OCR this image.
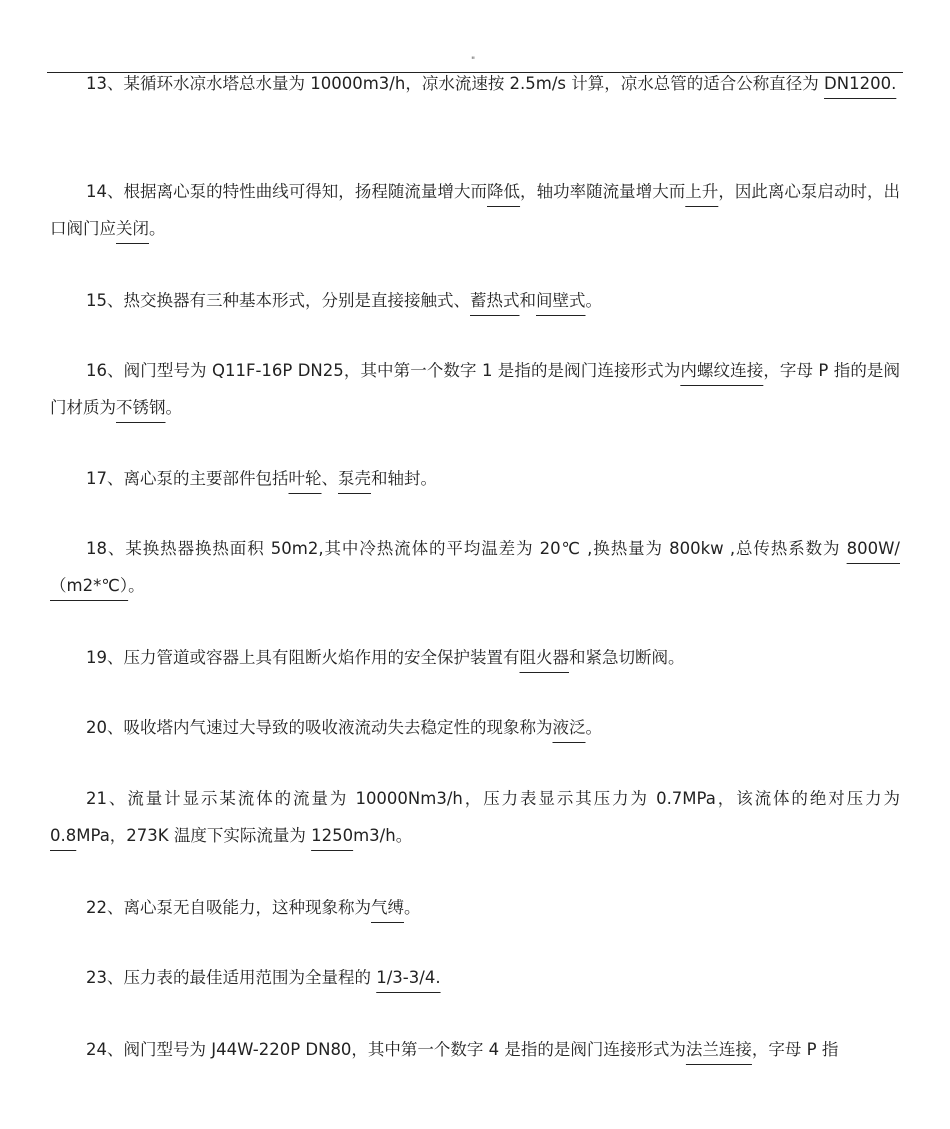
"
13、某循环水凉水塔总水量为 10000m3/h，凉水流速按 2.5m/s 计算，凉水总管的适合公称直径为 DN1200.
14、根据离心泵的特性曲线可得知，扬程随流量增大而降低，轴功率随流量增大而上升，因此离心泵启动时，出口阀门应关闭。
15、热交换器有三种基本形式，分别是直接接触式、蓄热式和间壁式。
16、阀门型号为 Q11F-16P DN25，其中第一个数字 1 是指的是阀门连接形式为内螺纹连接，字母 P 指的是阀门材质为不锈钢。
17、离心泵的主要部件包括叶轮、泵壳和轴封。
18、某换热器换热面积 50m2,其中冷热流体的平均温差为 20℃ ,换热量为 800kw ,总传热系数为 800W/（m2*℃）。
19、压力管道或容器上具有阻断火焰作用的安全保护装置有阻火器和紧急切断阀。
20、吸收塔内气速过大导致的吸收液流动失去稳定性的现象称为液泛。
21、流量计显示某流体的流量为 10000Nm3/h，压力表显示其压力为 0.7MPa，该流体的绝对压力为 0.8MPa，273K 温度下实际流量为 1250m3/h。
22、离心泵无自吸能力，这种现象称为气缚。
23、压力表的最佳适用范围为全量程的 1/3-3/4.
24、阀门型号为 J44W-220P DN80，其中第一个数字 4 是指的是阀门连接形式为法兰连接，字母 P 指
